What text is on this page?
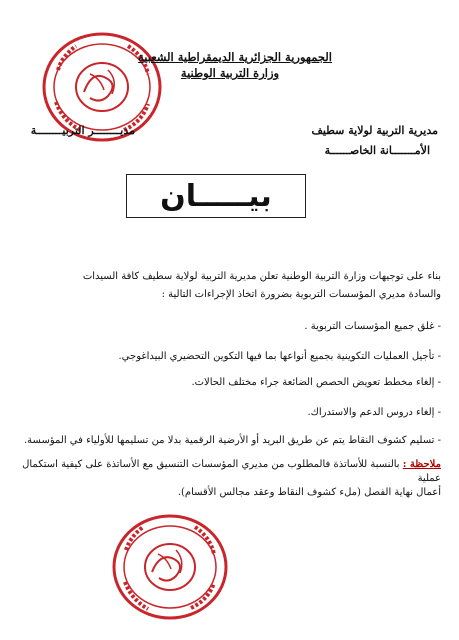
الجمهورية الجزائرية الديمقراطية الشعبية
وزارة التربية الوطنية
مديرية التربية لولاية سطيف
الأمـــــــانة الخاصــــــة
مديــــــــر التربيــــــــة
بيـــــان
بناء على توجيهات وزارة التربية الوطنية تعلن مديرية التربية لولاية سطيف كافة السيدات
والسادة مديري المؤسسات التربوية بضرورة اتخاذ الإجراءات التالية :
- غلق جميع المؤسسات التربوية .
- تأجيل العمليات التكوينية بجميع أنواعها بما فيها التكوين التحضيري البيداغوجي.
- إلغاء مخطط تعويض الحصص الضائعة جراء مختلف الحالات.
- إلغاء دروس الدعم والاستدراك.
- تسليم كشوف النقاط يتم عن طريق البريد أو الأرضية الرقمية بدلا من تسليمها للأولياء في المؤسسة.
ملاحظة : بالنسبة للأساتذة فالمطلوب من مديري المؤسسات التنسيق مع الأساتذة على كيفية استكمال عملية
أعمال نهاية الفصل (ملء كشوف النقاط وعقد مجالس الأقسام).
